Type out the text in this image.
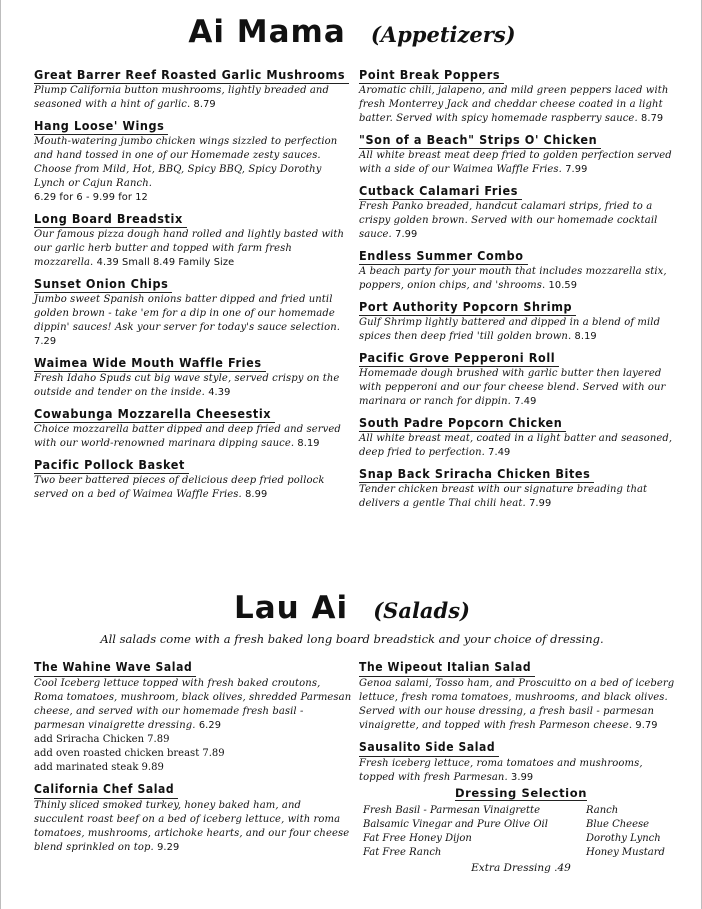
Ai Mama (Appetizers)
Great Barrer Reef Roasted Garlic Mushrooms
Plump California button mushrooms, lightly breaded and seasoned with a hint of garlic. 8.79
Hang Loose' Wings
Mouth-watering jumbo chicken wings sizzled to perfection and hand tossed in one of our Homemade zesty sauces. Choose from Mild, Hot, BBQ, Spicy BBQ, Spicy Dorothy Lynch or Cajun Ranch.
6.29 for 6 - 9.99 for 12
Long Board Breadstix
Our famous pizza dough hand rolled and lightly basted with our garlic herb butter and topped with farm fresh mozzarella. 4.39 Small 8.49 Family Size
Sunset Onion Chips
Jumbo sweet Spanish onions batter dipped and fried until golden brown - take 'em for a dip in one of our homemade dippin' sauces! Ask your server for today's sauce selection. 7.29
Waimea Wide Mouth Waffle Fries
Fresh Idaho Spuds cut big wave style, served crispy on the outside and tender on the inside. 4.39
Cowabunga Mozzarella Cheesestix
Choice mozzarella batter dipped and deep fried and served with our world-renowned marinara dipping sauce. 8.19
Pacific Pollock Basket
Two beer battered pieces of delicious deep fried pollock served on a bed of Waimea Waffle Fries. 8.99
Point Break Poppers
Aromatic chili, jalapeno, and mild green peppers laced with fresh Monterrey Jack and cheddar cheese coated in a light batter. Served with spicy homemade raspberry sauce. 8.79
"Son of a Beach" Strips O' Chicken
All white breast meat deep fried to golden perfection served with a side of our Waimea Waffle Fries. 7.99
Cutback Calamari Fries
Fresh Panko breaded, handcut calamari strips, fried to a crispy golden brown. Served with our homemade cocktail sauce. 7.99
Endless Summer Combo
A beach party for your mouth that includes mozzarella stix, poppers, onion chips, and 'shrooms. 10.59
Port Authority Popcorn Shrimp
Gulf Shrimp lightly battered and dipped in a blend of mild spices then deep fried 'till golden brown. 8.19
Pacific Grove Pepperoni Roll
Homemade dough brushed with garlic butter then layered with pepperoni and our four cheese blend. Served with our marinara or ranch for dippin. 7.49
South Padre Popcorn Chicken
All white breast meat, coated in a light batter and seasoned, deep fried to perfection. 7.49
Snap Back Sriracha Chicken Bites
Tender chicken breast with our signature breading that delivers a gentle Thai chili heat. 7.99
Lau Ai (Salads)
All salads come with a fresh baked long board breadstick and your choice of dressing.
The Wahine Wave Salad
Cool Iceberg lettuce topped with fresh baked croutons, Roma tomatoes, mushroom, black olives, shredded Parmesan cheese, and served with our homemade fresh basil - parmesan vinaigrette dressing. 6.29
add Sriracha Chicken 7.89
add oven roasted chicken breast 7.89
add marinated steak 9.89
California Chef Salad
Thinly sliced smoked turkey, honey baked ham, and succulent roast beef on a bed of iceberg lettuce, with roma tomatoes, mushrooms, artichoke hearts, and our four cheese blend sprinkled on top. 9.29
The Wipeout Italian Salad
Genoa salami, Tosso ham, and Proscuitto on a bed of iceberg lettuce, fresh roma tomatoes, mushrooms, and black olives. Served with our house dressing, a fresh basil - parmesan vinaigrette, and topped with fresh Parmeson cheese. 9.79
Sausalito Side Salad
Fresh iceberg lettuce, roma tomatoes and mushrooms, topped with fresh Parmesan. 3.99
Dressing Selection
Fresh Basil - Parmesan Vinaigrette
Balsamic Vinegar and Pure Olive Oil
Fat Free Honey Dijon
Fat Free Ranch
Ranch
Blue Cheese
Dorothy Lynch
Honey Mustard
Extra Dressing .49
